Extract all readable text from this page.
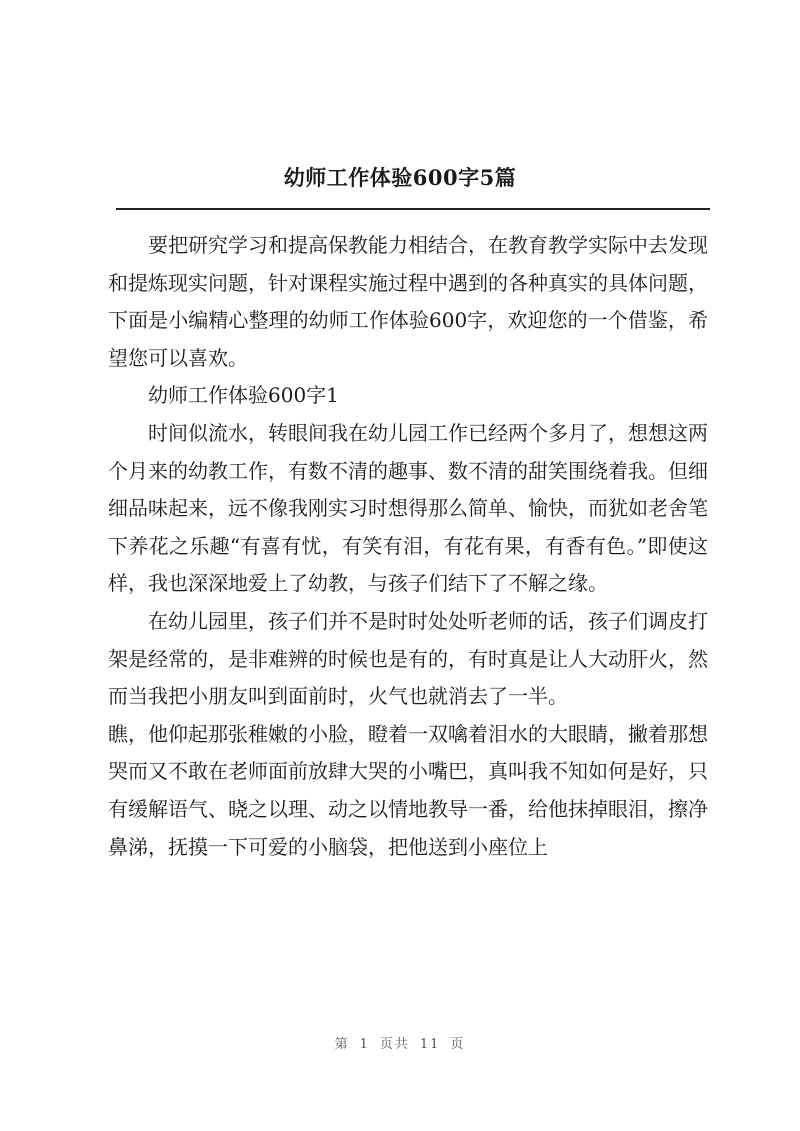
幼师工作体验600字5篇

要把研究学习和提高保教能力相结合，在教育教学实际中去发现和提炼现实问题，针对课程实施过程中遇到的各种真实的具体问题，下面是小编精心整理的幼师工作体验600字，欢迎您的一个借鉴，希望您可以喜欢。

幼师工作体验600字1

时间似流水，转眼间我在幼儿园工作已经两个多月了，想想这两个月来的幼教工作，有数不清的趣事、数不清的甜笑围绕着我。但细细品味起来，远不像我刚实习时想得那么简单、愉快，而犹如老舍笔下养花之乐趣“有喜有忧，有笑有泪，有花有果，有香有色。”即使这样，我也深深地爱上了幼教，与孩子们结下了不解之缘。

在幼儿园里，孩子们并不是时时处处听老师的话，孩子们调皮打架是经常的，是非难辨的时候也是有的，有时真是让人大动肝火，然而当我把小朋友叫到面前时，火气也就消去了一半。

瞧，他仰起那张稚嫩的小脸，瞪着一双噙着泪水的大眼睛，撇着那想哭而又不敢在老师面前放肆大哭的小嘴巴，真叫我不知如何是好，只有缓解语气、晓之以理、动之以情地教导一番，给他抹掉眼泪，擦净鼻涕，抚摸一下可爱的小脑袋，把他送到小座位上

第 1 页共 11 页
